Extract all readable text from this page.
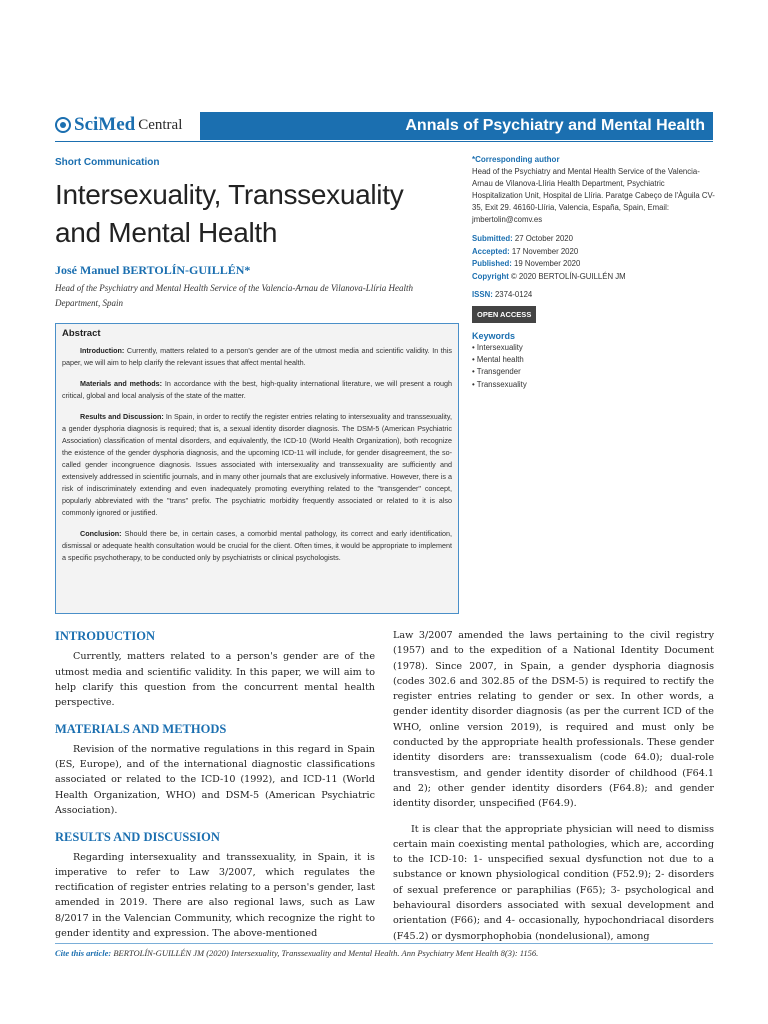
SciMed Central	Annals of Psychiatry and Mental Health
Short Communication
Intersexuality, Transsexuality and Mental Health
José Manuel BERTOLÍN-GUILLÉN*
Head of the Psychiatry and Mental Health Service of the Valencia-Arnau de Vilanova-Llíria Health Department, Spain
Abstract

Introduction: Currently, matters related to a person's gender are of the utmost media and scientific validity. In this paper, we will aim to help clarify the relevant issues that affect mental health.

Materials and methods: In accordance with the best, high-quality international literature, we will present a rough critical, global and local analysis of the state of the matter.

Results and Discussion: In Spain, in order to rectify the register entries relating to intersexuality and transsexuality, a gender dysphoria diagnosis is required; that is, a sexual identity disorder diagnosis. The DSM-5 (American Psychiatric Association) classification of mental disorders, and equivalently, the ICD-10 (World Health Organization), both recognize the existence of the gender dysphoria diagnosis, and the upcoming ICD-11 will include, for gender disagreement, the so-called gender incongruence diagnosis. Issues associated with intersexuality and transsexuality are sufficiently and extensively addressed in scientific journals, and in many other journals that are exclusively informative. However, there is a risk of indiscriminately extending and even inadequately promoting everything related to the "transgender" concept, popularly abbreviated with the "trans" prefix. The psychiatric morbidity frequently associated or related to it is also commonly ignored or justified.

Conclusion: Should there be, in certain cases, a comorbid mental pathology, its correct and early identification, dismissal or adequate health consultation would be crucial for the client. Often times, it would be appropriate to implement a specific psychotherapy, to be conducted only by psychiatrists or clinical psychologists.

*Corresponding author
Head of the Psychiatry and Mental Health Service of the Valencia-Arnau de Vilanova-Llíria Health Department, Psychiatric Hospitalization Unit, Hospital de Llíria. Paratge Cabeço de l'Àguila CV-35, Exit 29. 46160-Llíria, Valencia, España, Spain, Email: jmbertolin@comv.es
Submitted: 27 October 2020
Accepted: 17 November 2020
Published: 19 November 2020
Copyright © 2020 BERTOLÍN-GUILLÉN JM
ISSN: 2374-0124
OPEN ACCESS
Keywords
• Intersexuality
• Mental health
• Transgender
• Transsexuality
INTRODUCTION

Currently, matters related to a person's gender are of the utmost media and scientific validity. In this paper, we will aim to help clarify this question from the concurrent mental health perspective.

MATERIALS AND METHODS

Revision of the normative regulations in this regard in Spain (ES, Europe), and of the international diagnostic classifications associated or related to the ICD-10 (1992), and ICD-11 (World Health Organization, WHO) and DSM-5 (American Psychiatric Association).

RESULTS AND DISCUSSION

Regarding intersexuality and transsexuality, in Spain, it is imperative to refer to Law 3/2007, which regulates the rectification of register entries relating to a person's gender, last amended in 2019. There are also regional laws, such as Law 8/2017 in the Valencian Community, which recognize the right to gender identity and expression. The above-mentioned

Law 3/2007 amended the laws pertaining to the civil registry (1957) and to the expedition of a National Identity Document (1978). Since 2007, in Spain, a gender dysphoria diagnosis (codes 302.6 and 302.85 of the DSM-5) is required to rectify the register entries relating to gender or sex. In other words, a gender identity disorder diagnosis (as per the current ICD of the WHO, online version 2019), is required and must only be conducted by the appropriate health professionals. These gender identity disorders are: transsexualism (code 64.0); dual-role transvestism, and gender identity disorder of childhood (F64.1 and 2); other gender identity disorders (F64.8); and gender identity disorder, unspecified (F64.9).

It is clear that the appropriate physician will need to dismiss certain main coexisting mental pathologies, which are, according to the ICD-10: 1- unspecified sexual dysfunction not due to a substance or known physiological condition (F52.9); 2- disorders of sexual preference or paraphilias (F65); 3- psychological and behavioural disorders associated with sexual development and orientation (F66); and 4- occasionally, hypochondriacal disorders (F45.2) or dysmorphophobia (nondelusional), among

Cite this article: BERTOLÍN-GUILLÉN JM (2020) Intersexuality, Transsexuality and Mental Health. Ann Psychiatry Ment Health 8(3): 1156.
